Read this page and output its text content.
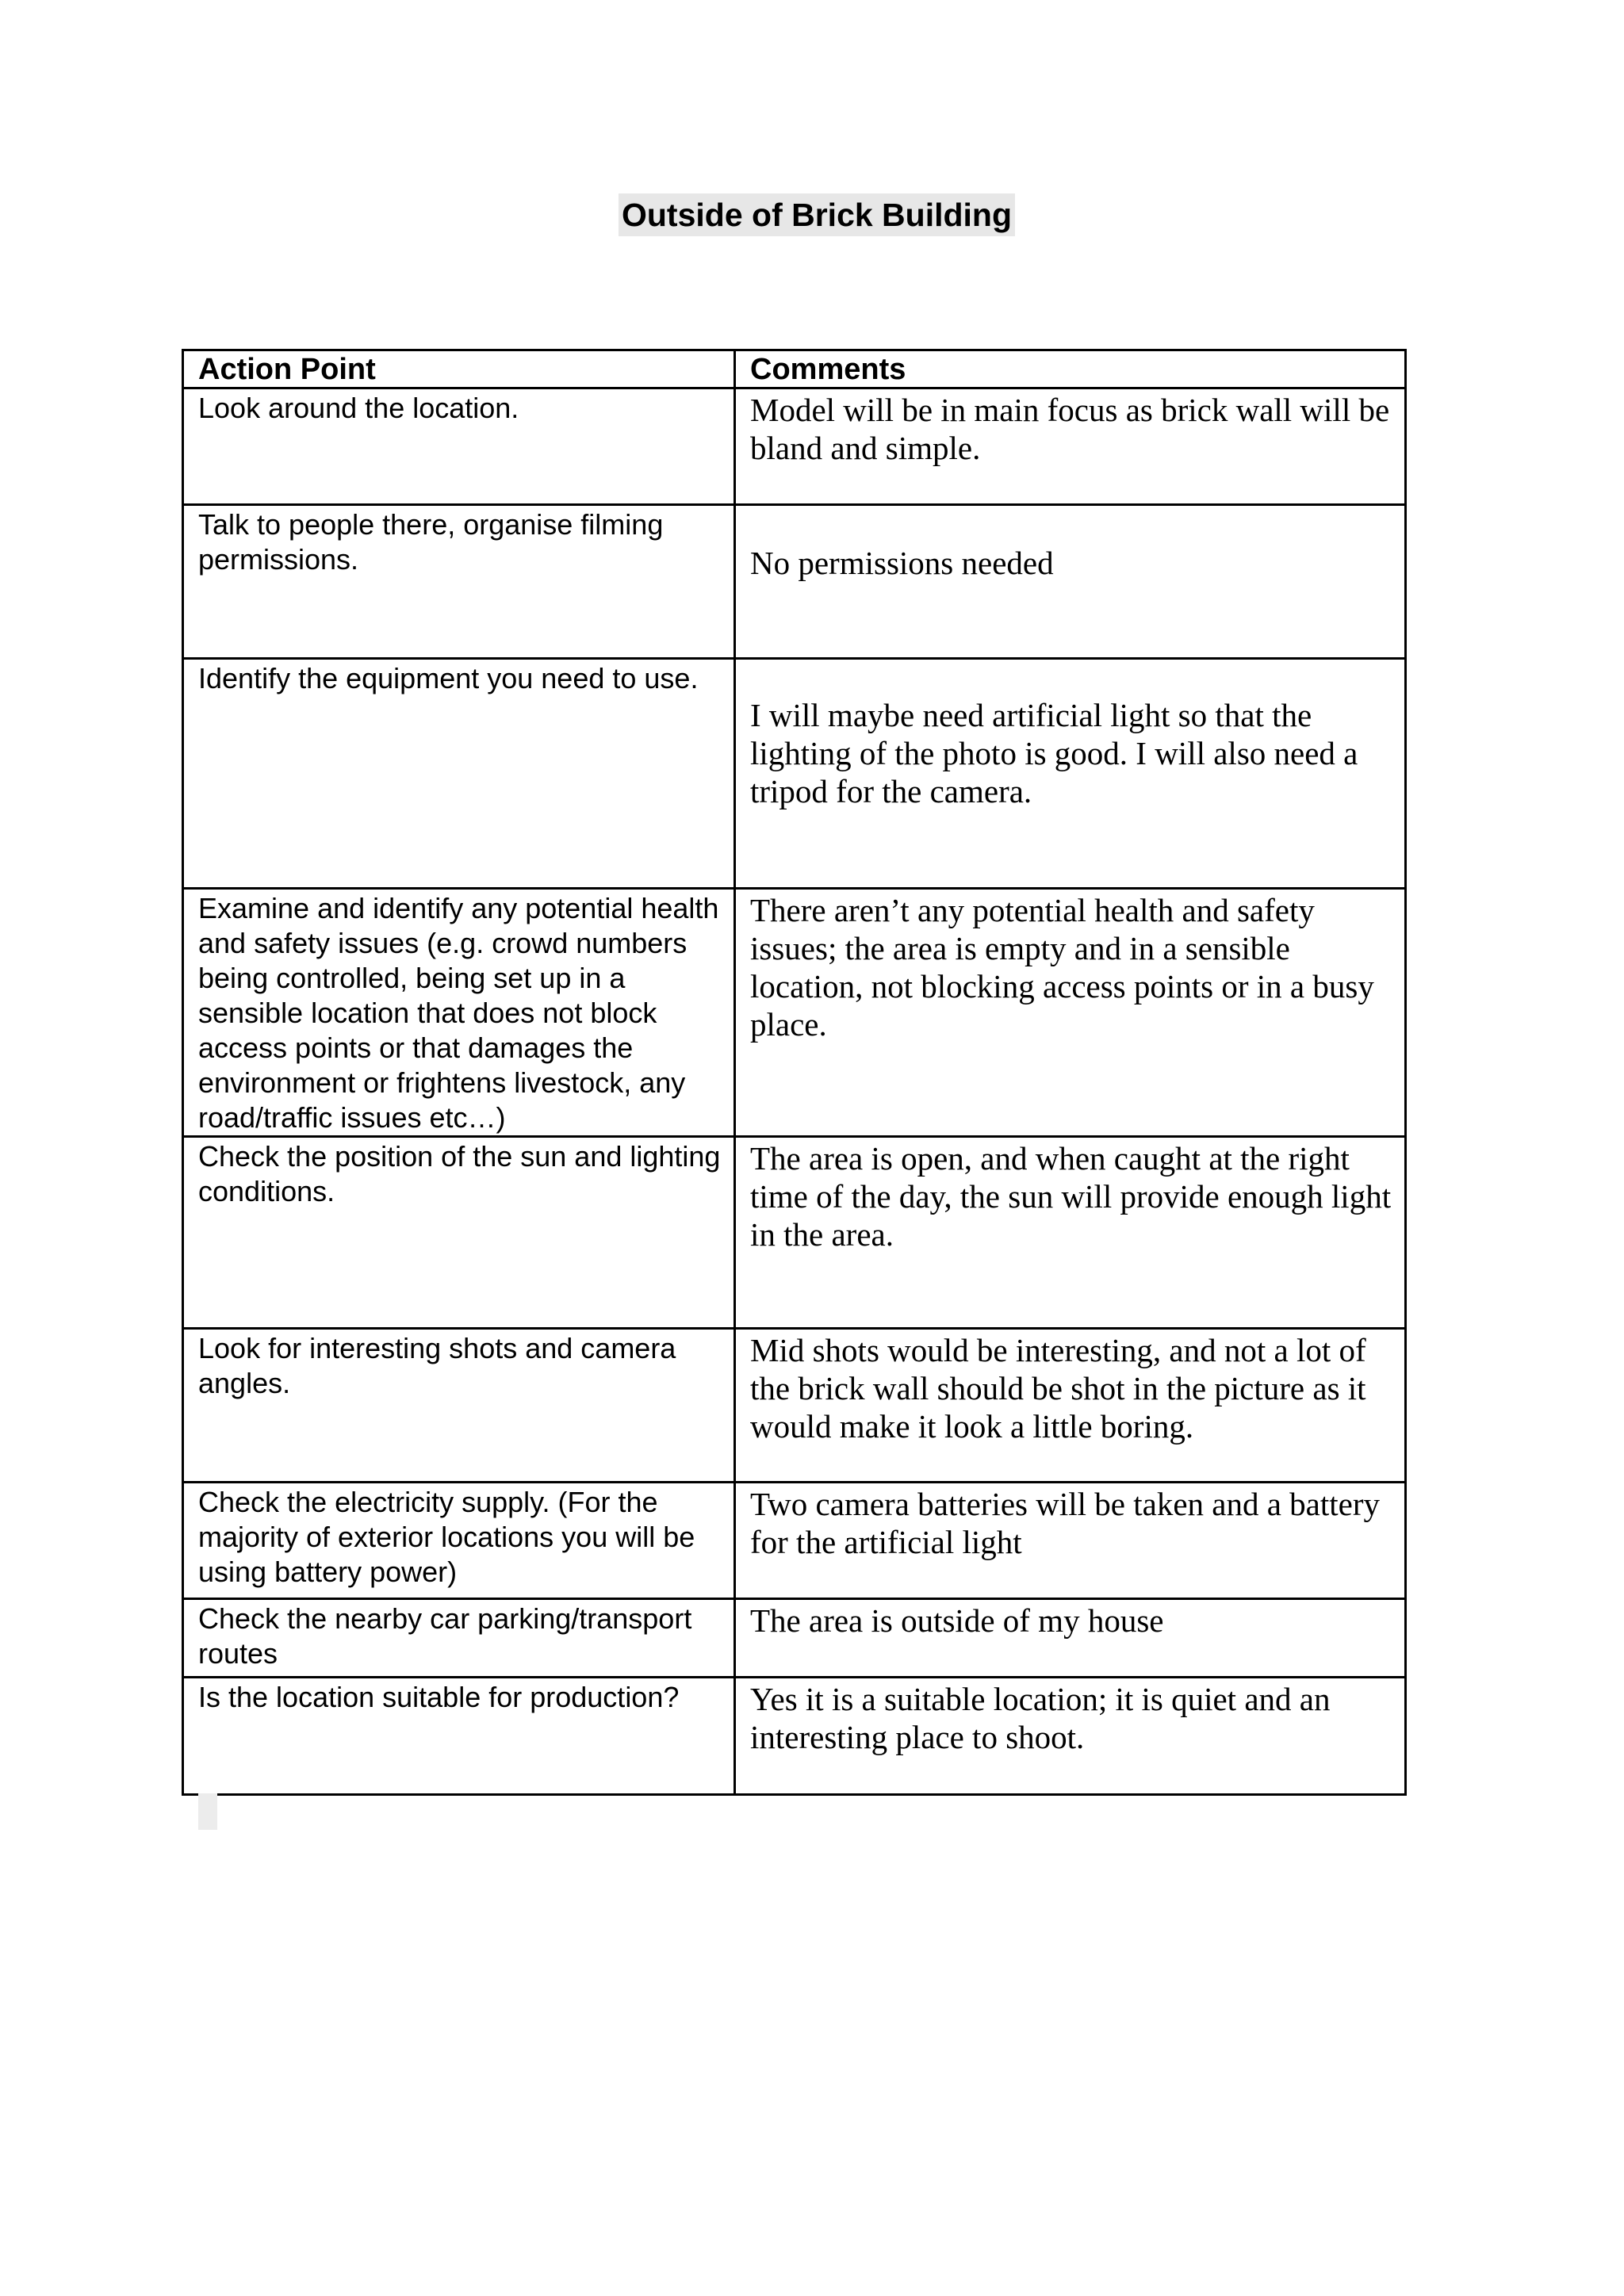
Outside of Brick Building
Action Point	Comments
Look around the location.	Model will be in main focus as brick wall will be bland and simple.
Talk to people there, organise filming permissions.	No permissions needed
Identify the equipment you need to use.	I will maybe need artificial light so that the lighting of the photo is good. I will also need a tripod for the camera.
Examine and identify any potential health and safety issues (e.g. crowd numbers being controlled, being set up in a sensible location that does not block access points or that damages the environment or frightens livestock, any road/traffic issues etc…)	There aren’t any potential health and safety issues; the area is empty and in a sensible location, not blocking access points or in a busy place.
Check the position of the sun and lighting conditions.	The area is open, and when caught at the right time of the day, the sun will provide enough light in the area.
Look for interesting shots and camera angles.	Mid shots would be interesting, and not a lot of the brick wall should be shot in the picture as it would make it look a little boring.
Check the electricity supply. (For the majority of exterior locations you will be using battery power)	Two camera batteries will be taken and a battery for the artificial light
Check the nearby car parking/transport routes	The area is outside of my house
Is the location suitable for production?	Yes it is a suitable location; it is quiet and an interesting place to shoot.
